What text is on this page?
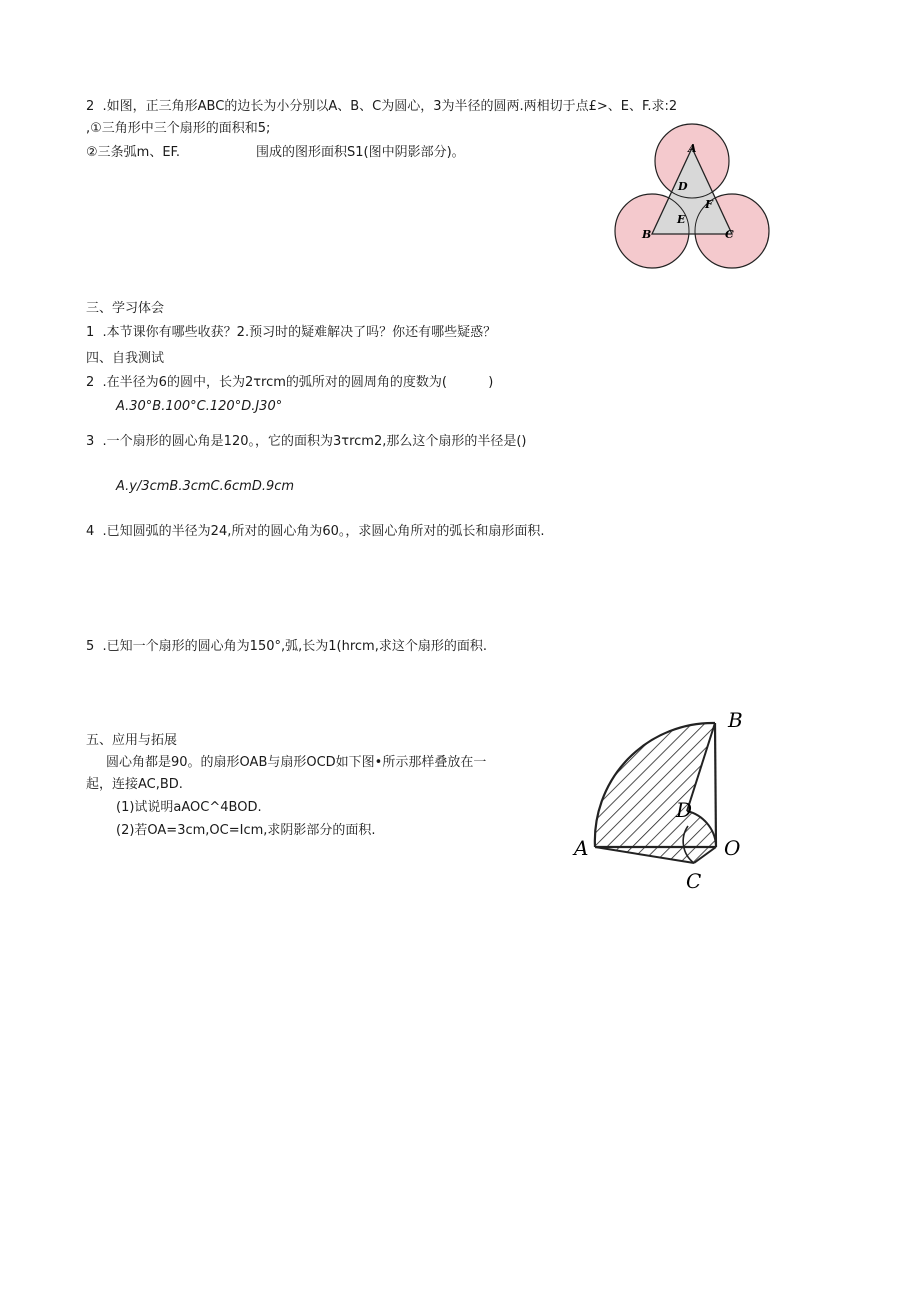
2  .如图，正三角形ABC的边长为小分别以A、B、C为圆心，3为半径的圆两.两相切于点£>、E、F.求:2
,①三角形中三个扇形的面积和5;
②三条弧m、EF.	围成的图形面积S1(图中阴影部分)。	A
D
F
E
B	C
三、学习体会
1  .本节课你有哪些收获？2.预习时的疑难解决了吗？你还有哪些疑惑？
四、自我测试
2  .在半径为6的圆中，长为2τrcm的弧所对的圆周角的度数为(          )
A.30°B.100°C.120°D.J30°
3  .一个扇形的圆心角是120。，它的面积为3τrcm2,那么这个扇形的半径是()
A.y/3cmB.3cmC.6cmD.9cm
4  .已知圆弧的半径为24,所对的圆心角为60。，求圆心角所对的弧长和扇形面积.
5  .已知一个扇形的圆心角为150°,弧,长为1(hrcm,求这个扇形的面积.
五、应用与拓展
圆心角都是90。的扇形OAB与扇形OCD如下图•所示那样叠放在一
起，连接AC,BD.
(1)试说明aAOC^4BOD.
(2)若OA=3cm,OC=Icm,求阴影部分的面积.
B
D
A	O
C
